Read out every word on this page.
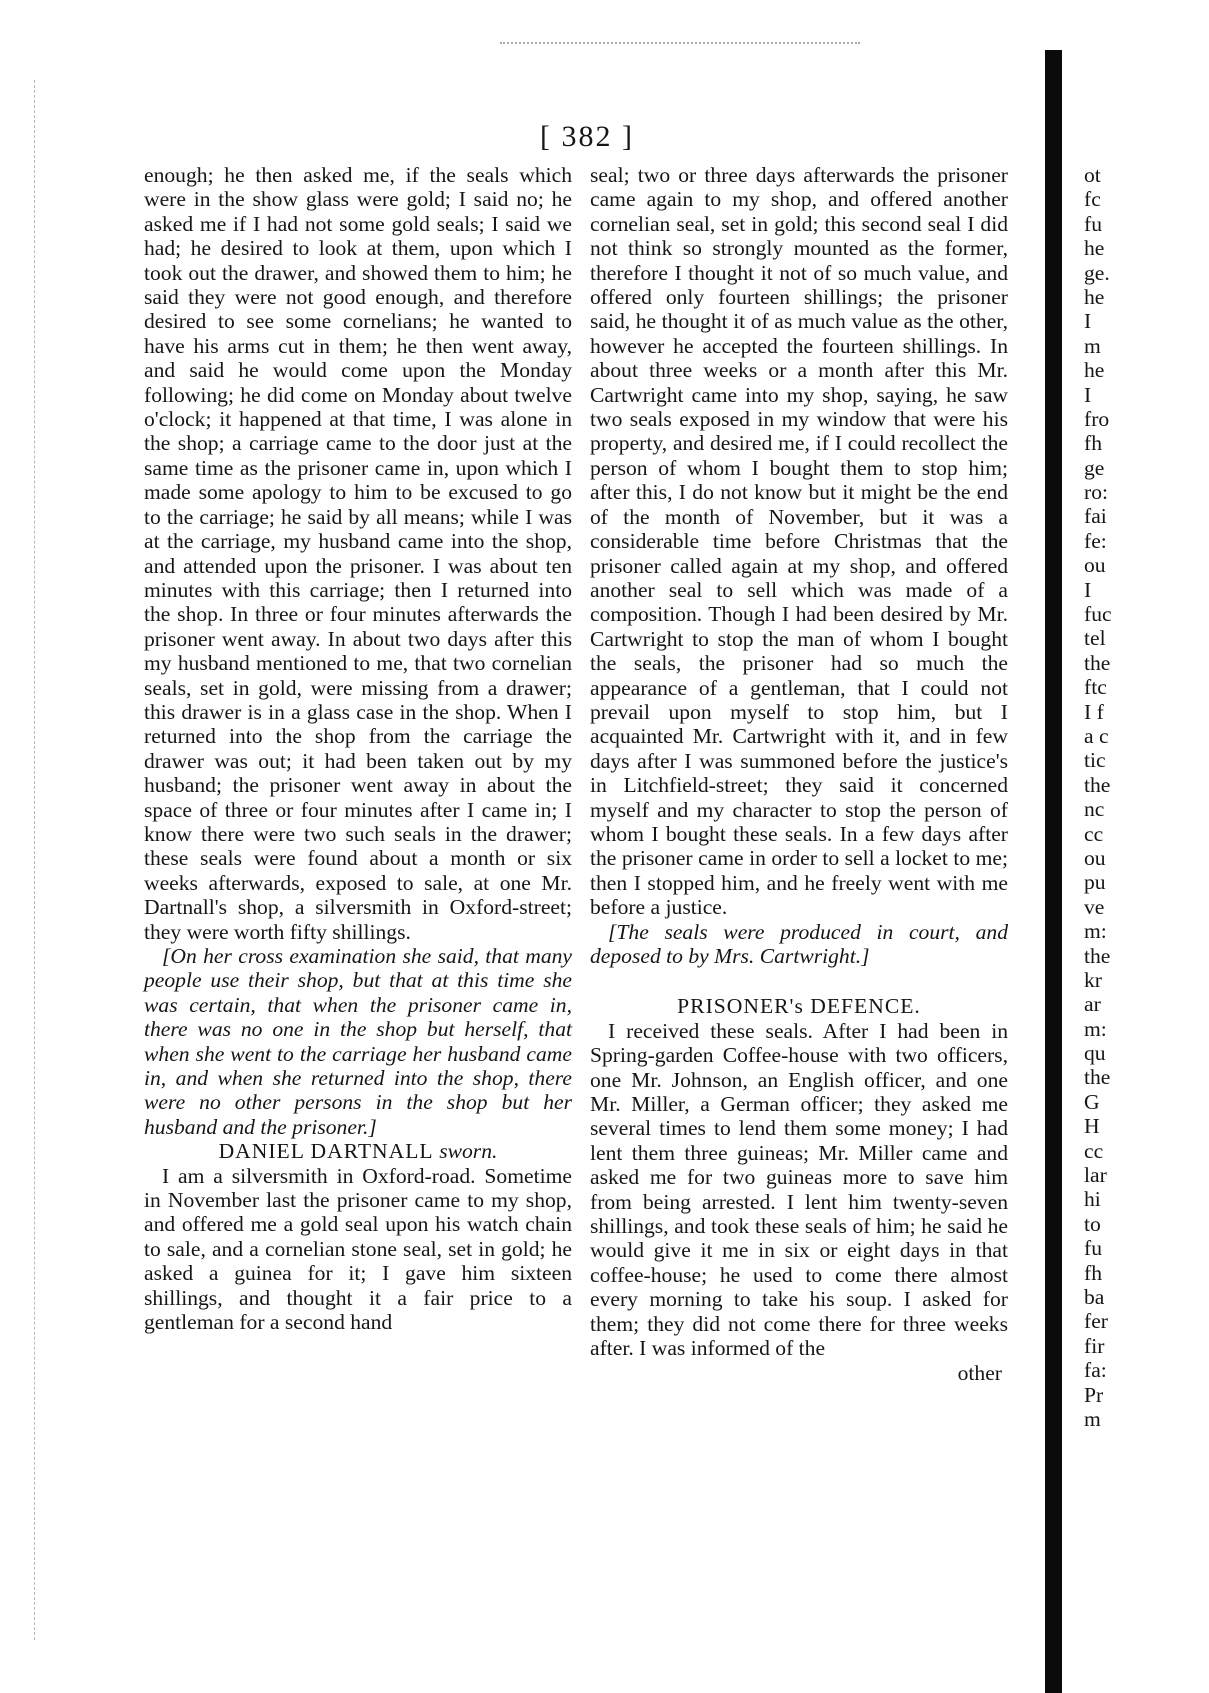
[ 382 ]

enough; he then asked me, if the seals which were in the show glass were gold; I said no; he asked me if I had not some gold seals; I said we had; he desired to look at them, upon which I took out the drawer, and showed them to him; he said they were not good enough, and therefore desired to see some cornelians; he wanted to have his arms cut in them; he then went away, and said he would come upon the Monday following; he did come on Monday about twelve o'clock; it happened at that time, I was alone in the shop; a carriage came to the door just at the same time as the prisoner came in, upon which I made some apology to him to be excused to go to the carriage; he said by all means; while I was at the carriage, my husband came into the shop, and attended upon the prisoner. I was about ten minutes with this carriage; then I returned into the shop. In three or four minutes afterwards the prisoner went away. In about two days after this my husband mentioned to me, that two cornelian seals, set in gold, were missing from a drawer; this drawer is in a glass case in the shop. When I returned into the shop from the carriage the drawer was out; it had been taken out by my husband; the prisoner went away in about the space of three or four minutes after I came in; I know there were two such seals in the drawer; these seals were found about a month or six weeks afterwards, exposed to sale, at one Mr. Dartnall's shop, a silversmith in Oxford-street; they were worth fifty shillings.

[On her cross examination she said, that many people use their shop, but that at this time she was certain, that when the prisoner came in, there was no one in the shop but herself, that when she went to the carriage her husband came in, and when she returned into the shop, there were no other persons in the shop but her husband and the prisoner.]

DANIEL DARTNALL sworn.

I am a silversmith in Oxford-road. Sometime in November last the prisoner came to my shop, and offered me a gold seal upon his watch chain to sale, and a cornelian stone seal, set in gold; he asked a guinea for it; I gave him sixteen shillings, and thought it a fair price to a gentleman for a second hand

seal; two or three days afterwards the prisoner came again to my shop, and offered another cornelian seal, set in gold; this second seal I did not think so strongly mounted as the former, therefore I thought it not of so much value, and offered only fourteen shillings; the prisoner said, he thought it of as much value as the other, however he accepted the fourteen shillings. In about three weeks or a month after this Mr. Cartwright came into my shop, saying, he saw two seals exposed in my window that were his property, and desired me, if I could recollect the person of whom I bought them to stop him; after this, I do not know but it might be the end of the month of November, but it was a considerable time before Christmas that the prisoner called again at my shop, and offered another seal to sell which was made of a composition. Though I had been desired by Mr. Cartwright to stop the man of whom I bought the seals, the prisoner had so much the appearance of a gentleman, that I could not prevail upon myself to stop him, but I acquainted Mr. Cartwright with it, and in few days after I was summoned before the justice's in Litchfield-street; they said it concerned myself and my character to stop the person of whom I bought these seals. In a few days after the prisoner came in order to sell a locket to me; then I stopped him, and he freely went with me before a justice.

[The seals were produced in court, and deposed to by Mrs. Cartwright.]

PRISONER's DEFENCE.

I received these seals. After I had been in Spring-garden Coffee-house with two officers, one Mr. Johnson, an English officer, and one Mr. Miller, a German officer; they asked me several times to lend them some money; I had lent them three guineas; Mr. Miller came and asked me for two guineas more to save him from being arrested. I lent him twenty-seven shillings, and took these seals of him; he said he would give it me in six or eight days in that coffee-house; he used to come there almost every morning to take his soup. I asked for them; they did not come there for three weeks after. I was informed of the

other

ot
fc
fu
he
ge.
he
I
m
he
I
fro
fh
ge
ro:
fai
fe:
ou
I
fuc
tel
the
ftc
I f
a c
tic
the
nc
cc
ou
pu
ve
m:
the
kr
ar
m:
qu
the
G
H
cc
lar
hi
to
fu
fh
ba
fer
fir
fa:
Pr
m
